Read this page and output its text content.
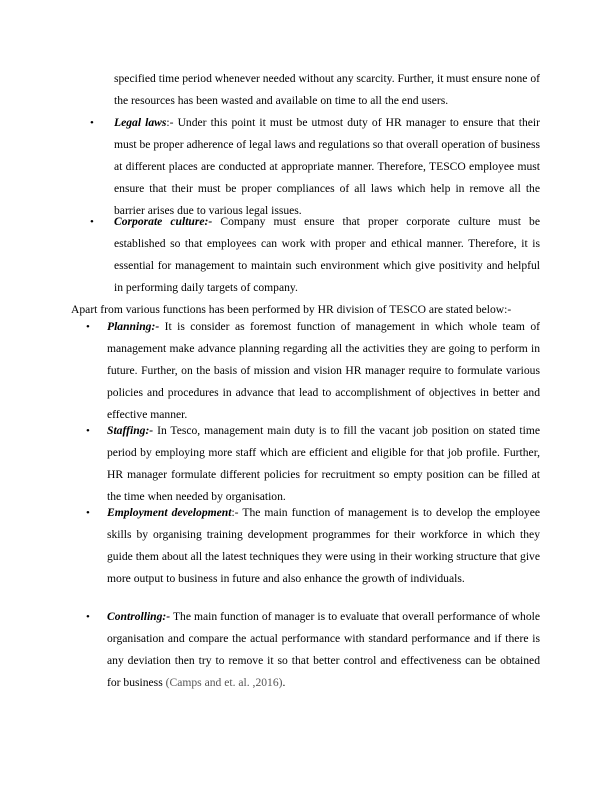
specified time period whenever needed without any scarcity. Further, it must ensure none of the resources has been wasted and available on time to all the end users.
• Legal laws:- Under this point it must be utmost duty of HR manager to ensure that their must be proper adherence of legal laws and regulations so that overall operation of business at different places are conducted at appropriate manner. Therefore, TESCO employee must ensure that their must be proper compliances of all laws which help in remove all the barrier arises due to various legal issues.
• Corporate culture:- Company must ensure that proper corporate culture must be established so that employees can work with proper and ethical manner. Therefore, it is essential for management to maintain such environment which give positivity and helpful in performing daily targets of company.
Apart from various functions has been performed by HR division of TESCO are stated below:-
• Planning:- It is consider as foremost function of management in which whole team of management make advance planning regarding all the activities they are going to perform in future. Further, on the basis of mission and vision HR manager require to formulate various policies and procedures in advance that lead to accomplishment of objectives in better and effective manner.
• Staffing:- In Tesco, management main duty is to fill the vacant job position on stated time period by employing more staff which are efficient and eligible for that job profile. Further, HR manager formulate different policies for recruitment so empty position can be filled at the time when needed by organisation.
• Employment development:- The main function of management is to develop the employee skills by organising training development programmes for their workforce in which they guide them about all the latest techniques they were using in their working structure that give more output to business in future and also enhance the growth of individuals.
• Controlling:- The main function of manager is to evaluate that overall performance of whole organisation and compare the actual performance with standard performance and if there is any deviation then try to remove it so that better control and effectiveness can be obtained for business (Camps and et. al. ,2016).
